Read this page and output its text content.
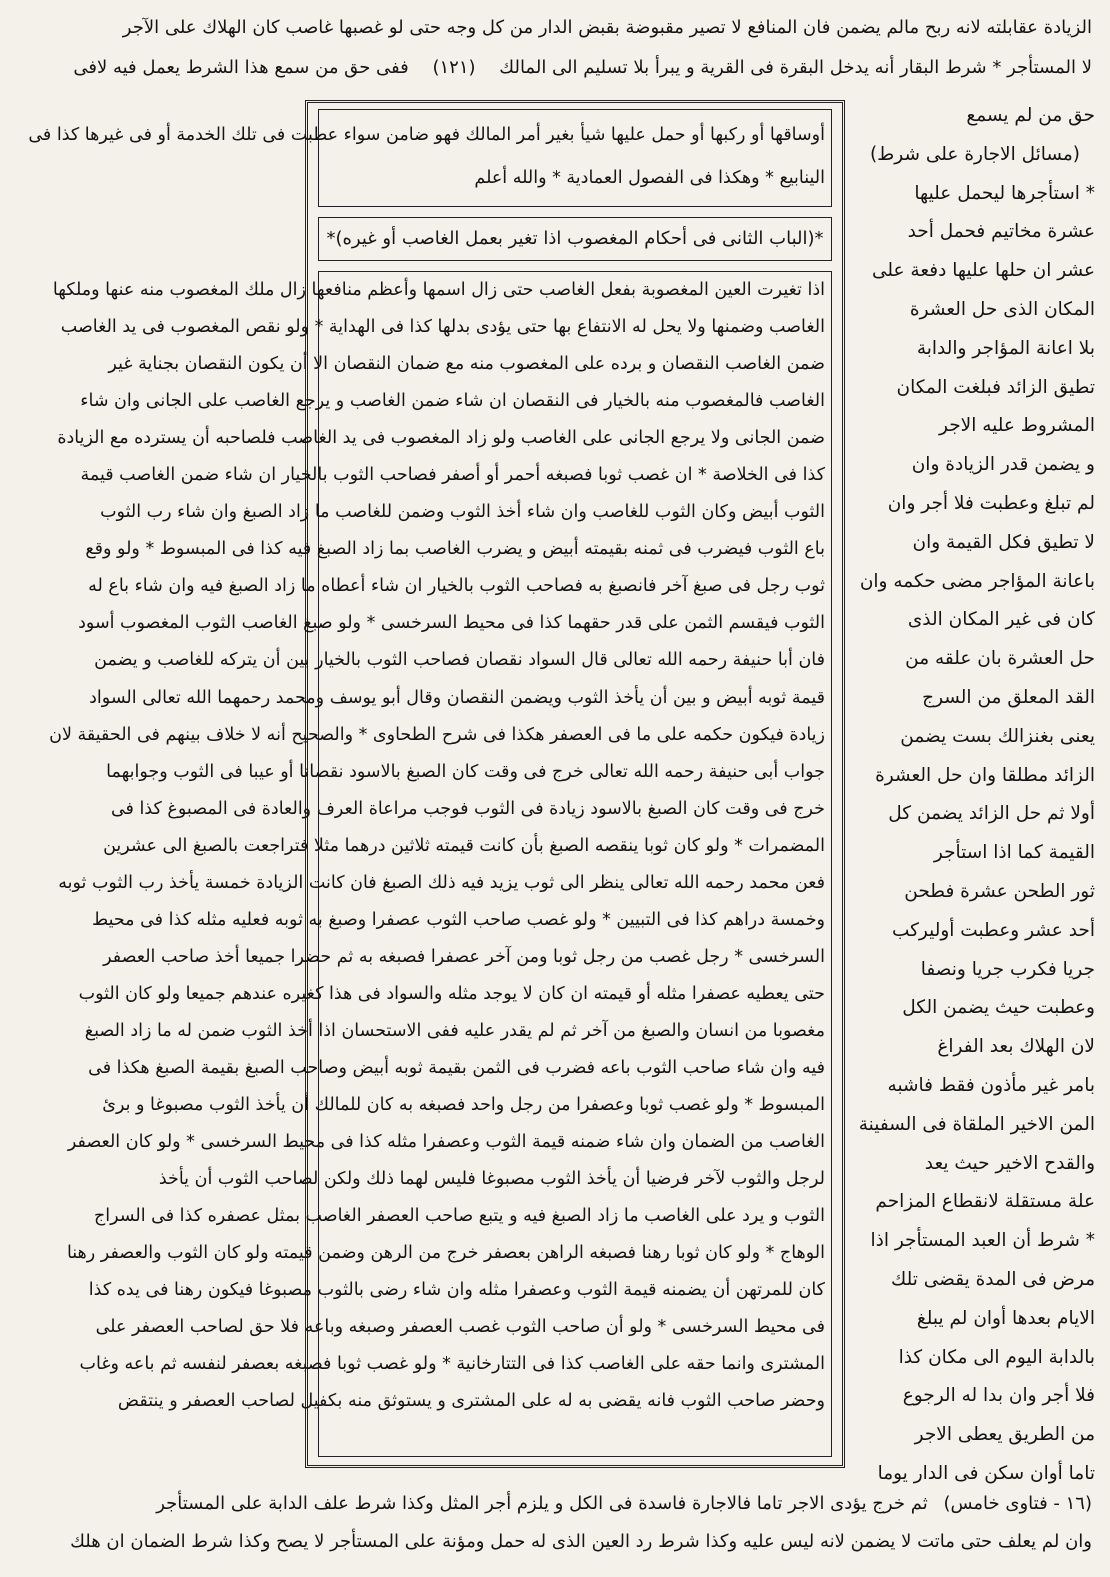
الزيادة عقابلته لانه ربح مالم يضمن فان المنافع لا تصير مقبوضة بقبض الدار من كل وجه حتى لو غصبها غاصب كان الهلاك على الآجر
لا المستأجر * شرط البقار أنه يدخل البقرة فى القرية و يبرأ بلا تسليم الى المالك (١٢١) ففى حق من سمع هذا الشرط يعمل فيه لافى
حق من لم يسمع
(مسائل الاجارة على شرط)
* استأجرها ليحمل عليها
عشرة مخاتيم فحمل أحد
عشر ان حلها عليها دفعة على
المكان الذى حل العشرة
بلا اعانة المؤاجر والدابة
تطيق الزائد فبلغت المكان
المشروط عليه الاجر
و يضمن قدر الزيادة وان
لم تبلغ وعطبت فلا أجر وان
لا تطيق فكل القيمة وان
باعانة المؤاجر مضى حكمه وان
كان فى غير المكان الذى
حل العشرة بان علقه من
القد المعلق من السرج
يعنى بغنزالك بست يضمن
الزائد مطلقا وان حل العشرة
أولا ثم حل الزائد يضمن كل
القيمة كما اذا استأجر
ثور الطحن عشرة فطحن
أحد عشر وعطبت أوليركب
جريا فكرب جريا ونصفا
وعطبت حيث يضمن الكل
لان الهلاك بعد الفراغ
بامر غير مأذون فقط فاشبه
المن الاخير الملقاة فى السفينة
والقدح الاخير حيث يعد
علة مستقلة لانقطاع المزاحم
* شرط أن العبد المستأجر اذا
مرض فى المدة يقضى تلك
الايام بعدها أوان لم يبلغ
بالدابة اليوم الى مكان كذا
فلا أجر وان بدا له الرجوع
من الطريق يعطى الاجر
تاما أوان سكن فى الدار يوما
أوساقها أو ركبها أو حمل عليها شيأ بغير أمر المالك فهو ضامن سواء عطبت فى تلك الخدمة أو فى غيرها كذا فى
الينابيع * وهكذا فى الفصول العمادية * والله أعلم
*(الباب الثانى فى أحكام المغصوب اذا تغير بعمل الغاصب أو غيره)*
اذا تغيرت العين المغصوبة بفعل الغاصب حتى زال اسمها وأعظم منافعها زال ملك المغصوب منه عنها وملكها
الغاصب وضمنها ولا يحل له الانتفاع بها حتى يؤدى بدلها كذا فى الهداية * ولو نقص المغصوب فى يد الغاصب
ضمن الغاصب النقصان و برده على المغصوب منه مع ضمان النقصان الا أن يكون النقصان بجناية غير
الغاصب فالمغصوب منه بالخيار فى النقصان ان شاء ضمن الغاصب و يرجع الغاصب على الجانى وان شاء
ضمن الجانى ولا يرجع الجانى على الغاصب ولو زاد المغصوب فى يد الغاصب فلصاحبه أن يسترده مع الزيادة
كذا فى الخلاصة * ان غصب ثوبا فصبغه أحمر أو أصفر فصاحب الثوب بالخيار ان شاء ضمن الغاصب قيمة
الثوب أبيض وكان الثوب للغاصب وان شاء أخذ الثوب وضمن للغاصب ما زاد الصبغ وان شاء رب الثوب
باع الثوب فيضرب فى ثمنه بقيمته أبيض و يضرب الغاصب بما زاد الصبغ فيه كذا فى المبسوط * ولو وقع
ثوب رجل فى صبغ آخر فانصبغ به فصاحب الثوب بالخيار ان شاء أعطاه ما زاد الصبغ فيه وان شاء باع له
الثوب فيقسم الثمن على قدر حقهما كذا فى محيط السرخسى * ولو صبغ الغاصب الثوب المغصوب أسود
فان أبا حنيفة رحمه الله تعالى قال السواد نقصان فصاحب الثوب بالخيار بين أن يتركه للغاصب و يضمن
قيمة ثوبه أبيض و بين أن يأخذ الثوب ويضمن النقصان وقال أبو يوسف ومحمد رحمهما الله تعالى السواد
زيادة فيكون حكمه على ما فى العصفر هكذا فى شرح الطحاوى * والصحيح أنه لا خلاف بينهم فى الحقيقة لان
جواب أبى حنيفة رحمه الله تعالى خرج فى وقت كان الصبغ بالاسود نقصانا أو عيبا فى الثوب وجوابهما
خرج فى وقت كان الصبغ بالاسود زيادة فى الثوب فوجب مراعاة العرف والعادة فى المصبوغ كذا فى
المضمرات * ولو كان ثوبا ينقصه الصبغ بأن كانت قيمته ثلاثين درهما مثلا فتراجعت بالصبغ الى عشرين
فعن محمد رحمه الله تعالى ينظر الى ثوب يزيد فيه ذلك الصبغ فان كانت الزيادة خمسة يأخذ رب الثوب ثوبه
وخمسة دراهم كذا فى التبيين * ولو غصب صاحب الثوب عصفرا وصبغ به ثوبه فعليه مثله كذا فى محيط
السرخسى * رجل غصب من رجل ثوبا ومن آخر عصفرا فصبغه به ثم حضرا جميعا أخذ صاحب العصفر
حتى يعطيه عصفرا مثله أو قيمته ان كان لا يوجد مثله والسواد فى هذا كغيره عندهم جميعا ولو كان الثوب
مغصوبا من انسان والصبغ من آخر ثم لم يقدر عليه ففى الاستحسان اذا أخذ الثوب ضمن له ما زاد الصبغ
فيه وان شاء صاحب الثوب باعه فضرب فى الثمن بقيمة ثوبه أبيض وصاحب الصبغ بقيمة الصبغ هكذا فى
المبسوط * ولو غصب ثوبا وعصفرا من رجل واحد فصبغه به كان للمالك أن يأخذ الثوب مصبوغا و برئ
الغاصب من الضمان وان شاء ضمنه قيمة الثوب وعصفرا مثله كذا فى محيط السرخسى * ولو كان العصفر
لرجل والثوب لآخر فرضيا أن يأخذ الثوب مصبوغا فليس لهما ذلك ولكن لصاحب الثوب أن يأخذ
الثوب و يرد على الغاصب ما زاد الصبغ فيه و يتبع صاحب العصفر الغاصب بمثل عصفره كذا فى السراج
الوهاج * ولو كان ثوبا رهنا فصبغه الراهن بعصفر خرج من الرهن وضمن قيمته ولو كان الثوب والعصفر رهنا
كان للمرتهن أن يضمنه قيمة الثوب وعصفرا مثله وان شاء رضى بالثوب مصبوغا فيكون رهنا فى يده كذا
فى محيط السرخسى * ولو أن صاحب الثوب غصب العصفر وصبغه وباعه فلا حق لصاحب العصفر على
المشترى وانما حقه على الغاصب كذا فى التتارخانية * ولو غصب ثوبا فصبغه بعصفر لنفسه ثم باعه وغاب
وحضر صاحب الثوب فانه يقضى به له على المشترى و يستوثق منه بكفيل لصاحب العصفر و ينتقض
(١٦ - فتاوى خامس) ثم خرج يؤدى الاجر تاما فالاجارة فاسدة فى الكل و يلزم أجر المثل وكذا شرط علف الدابة على المستأجر
وان لم يعلف حتى ماتت لا يضمن لانه ليس عليه وكذا شرط رد العين الذى له حمل ومؤنة على المستأجر لا يصح وكذا شرط الضمان ان هلك
